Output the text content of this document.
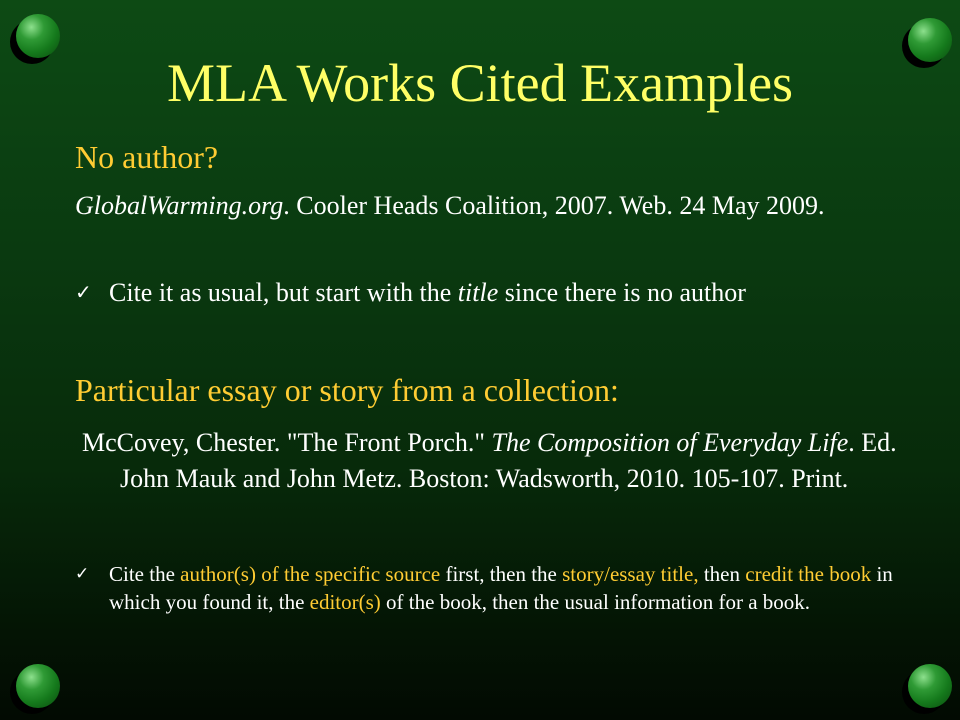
MLA Works Cited Examples

No author?

GlobalWarming.org. Cooler Heads Coalition, 2007. Web. 24 May 2009.

✓ Cite it as usual, but start with the title since there is no author

Particular essay or story from a collection:

McCovey, Chester. "The Front Porch." The Composition of Everyday Life. Ed. John Mauk and John Metz. Boston: Wadsworth, 2010. 105-107. Print.

✓ Cite the author(s) of the specific source first, then the story/essay title, then credit the book in which you found it, the editor(s) of the book, then the usual information for a book.
